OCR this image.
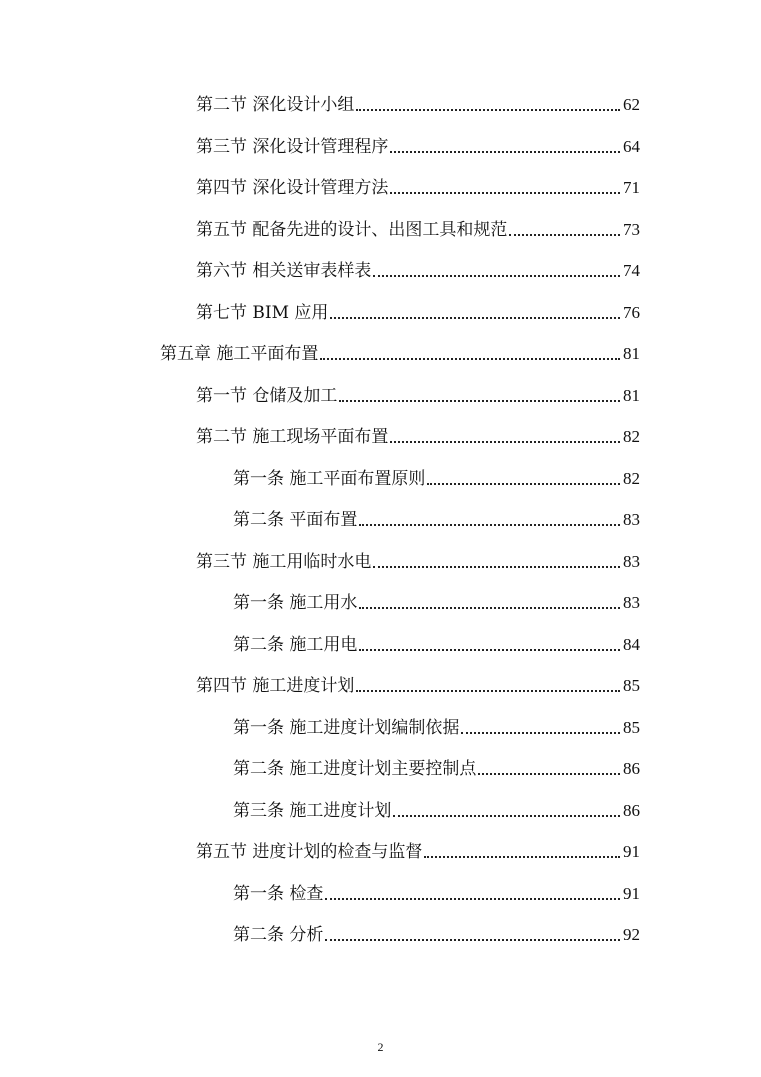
第二节 深化设计小组	62
第三节 深化设计管理程序	64
第四节 深化设计管理方法	71
第五节 配备先进的设计、出图工具和规范	73
第六节 相关送审表样表	74
第七节 BIM 应用	76
第五章 施工平面布置	81
第一节 仓储及加工	81
第二节 施工现场平面布置	82
第一条 施工平面布置原则	82
第二条 平面布置	83
第三节 施工用临时水电	83
第一条 施工用水	83
第二条 施工用电	84
第四节 施工进度计划	85
第一条 施工进度计划编制依据	85
第二条 施工进度计划主要控制点	86
第三条 施工进度计划	86
第五节 进度计划的检查与监督	91
第一条 检查	91
第二条 分析	92
2
